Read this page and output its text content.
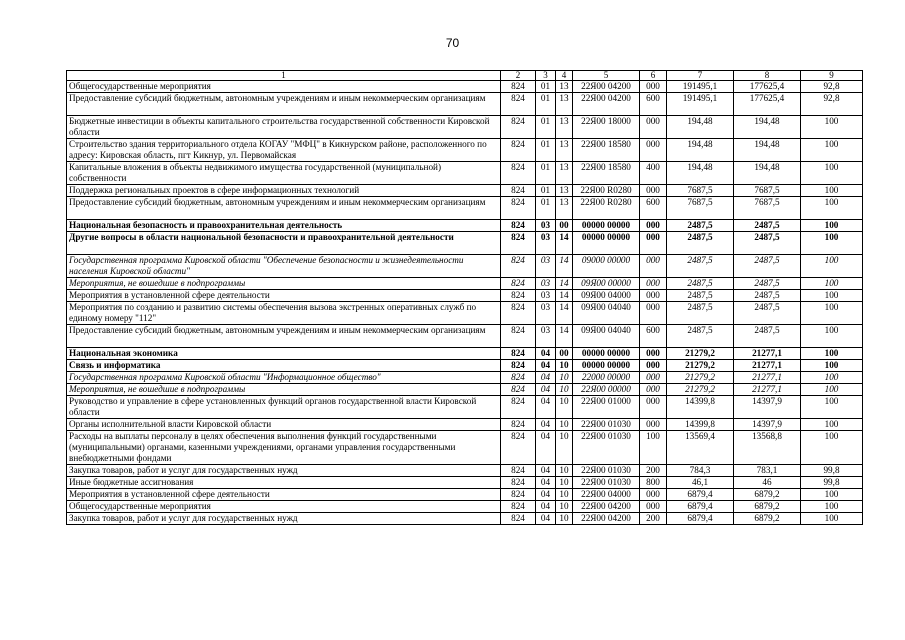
70
1	2	3	4	5	6	7	8	9
Общегосударственные мероприятия	824	01	13	22Я00 04200	000	191495,1	177625,4	92,8
Предоставление субсидий бюджетным, автономным учреждениям и иным некоммерческим организациям	824	01	13	22Я00 04200	600	191495,1	177625,4	92,8
Бюджетные инвестиции в объекты капитального строительства государственной собственности Кировской области	824	01	13	22Я00 18000	000	194,48	194,48	100
Строительство здания территориального отдела КОГАУ "МФЦ" в Кикнурском районе, расположенного по адресу: Кировская область, пгт Кикнур, ул. Первомайская	824	01	13	22Я00 18580	000	194,48	194,48	100
Капитальные вложения в объекты недвижимого имущества государственной (муниципальной) собственности	824	01	13	22Я00 18580	400	194,48	194,48	100
Поддержка региональных проектов в сфере информационных технологий	824	01	13	22Я00 R0280	000	7687,5	7687,5	100
Предоставление субсидий бюджетным, автономным учреждениям и иным некоммерческим организациям	824	01	13	22Я00 R0280	600	7687,5	7687,5	100
Национальная безопасность и правоохранительная деятельность	824	03	00	00000 00000	000	2487,5	2487,5	100
Другие вопросы в области национальной безопасности и правоохранительной деятельности	824	03	14	00000 00000	000	2487,5	2487,5	100
Государственная программа Кировской области "Обеспечение безопасности и жизнедеятельности населения Кировской области"	824	03	14	09000 00000	000	2487,5	2487,5	100
Мероприятия, не вошедшие в подпрограммы	824	03	14	09Я00 00000	000	2487,5	2487,5	100
Мероприятия в установленной сфере деятельности	824	03	14	09Я00 04000	000	2487,5	2487,5	100
Мероприятия по созданию и развитию системы обеспечения вызова экстренных оперативных служб по единому номеру "112"	824	03	14	09Я00 04040	000	2487,5	2487,5	100
Предоставление субсидий бюджетным, автономным учреждениям и иным некоммерческим организациям	824	03	14	09Я00 04040	600	2487,5	2487,5	100
Национальная экономика	824	04	00	00000 00000	000	21279,2	21277,1	100
Связь и информатика	824	04	10	00000 00000	000	21279,2	21277,1	100
Государственная программа Кировской области "Информационное общество"	824	04	10	22000 00000	000	21279,2	21277,1	100
Мероприятия, не вошедшие в подпрограммы	824	04	10	22Я00 00000	000	21279,2	21277,1	100
Руководство и управление в сфере установленных функций органов государственной власти Кировской области	824	04	10	22Я00 01000	000	14399,8	14397,9	100
Органы исполнительной власти Кировской области	824	04	10	22Я00 01030	000	14399,8	14397,9	100
Расходы на выплаты персоналу в целях обеспечения выполнения функций государственными (муниципальными) органами, казенными учреждениями, органами управления государственными внебюджетными фондами	824	04	10	22Я00 01030	100	13569,4	13568,8	100
Закупка товаров, работ и услуг для государственных нужд	824	04	10	22Я00 01030	200	784,3	783,1	99,8
Иные бюджетные ассигнования	824	04	10	22Я00 01030	800	46,1	46	99,8
Мероприятия в установленной сфере деятельности	824	04	10	22Я00 04000	000	6879,4	6879,2	100
Общегосударственные мероприятия	824	04	10	22Я00 04200	000	6879,4	6879,2	100
Закупка товаров, работ и услуг для государственных нужд	824	04	10	22Я00 04200	200	6879,4	6879,2	100
